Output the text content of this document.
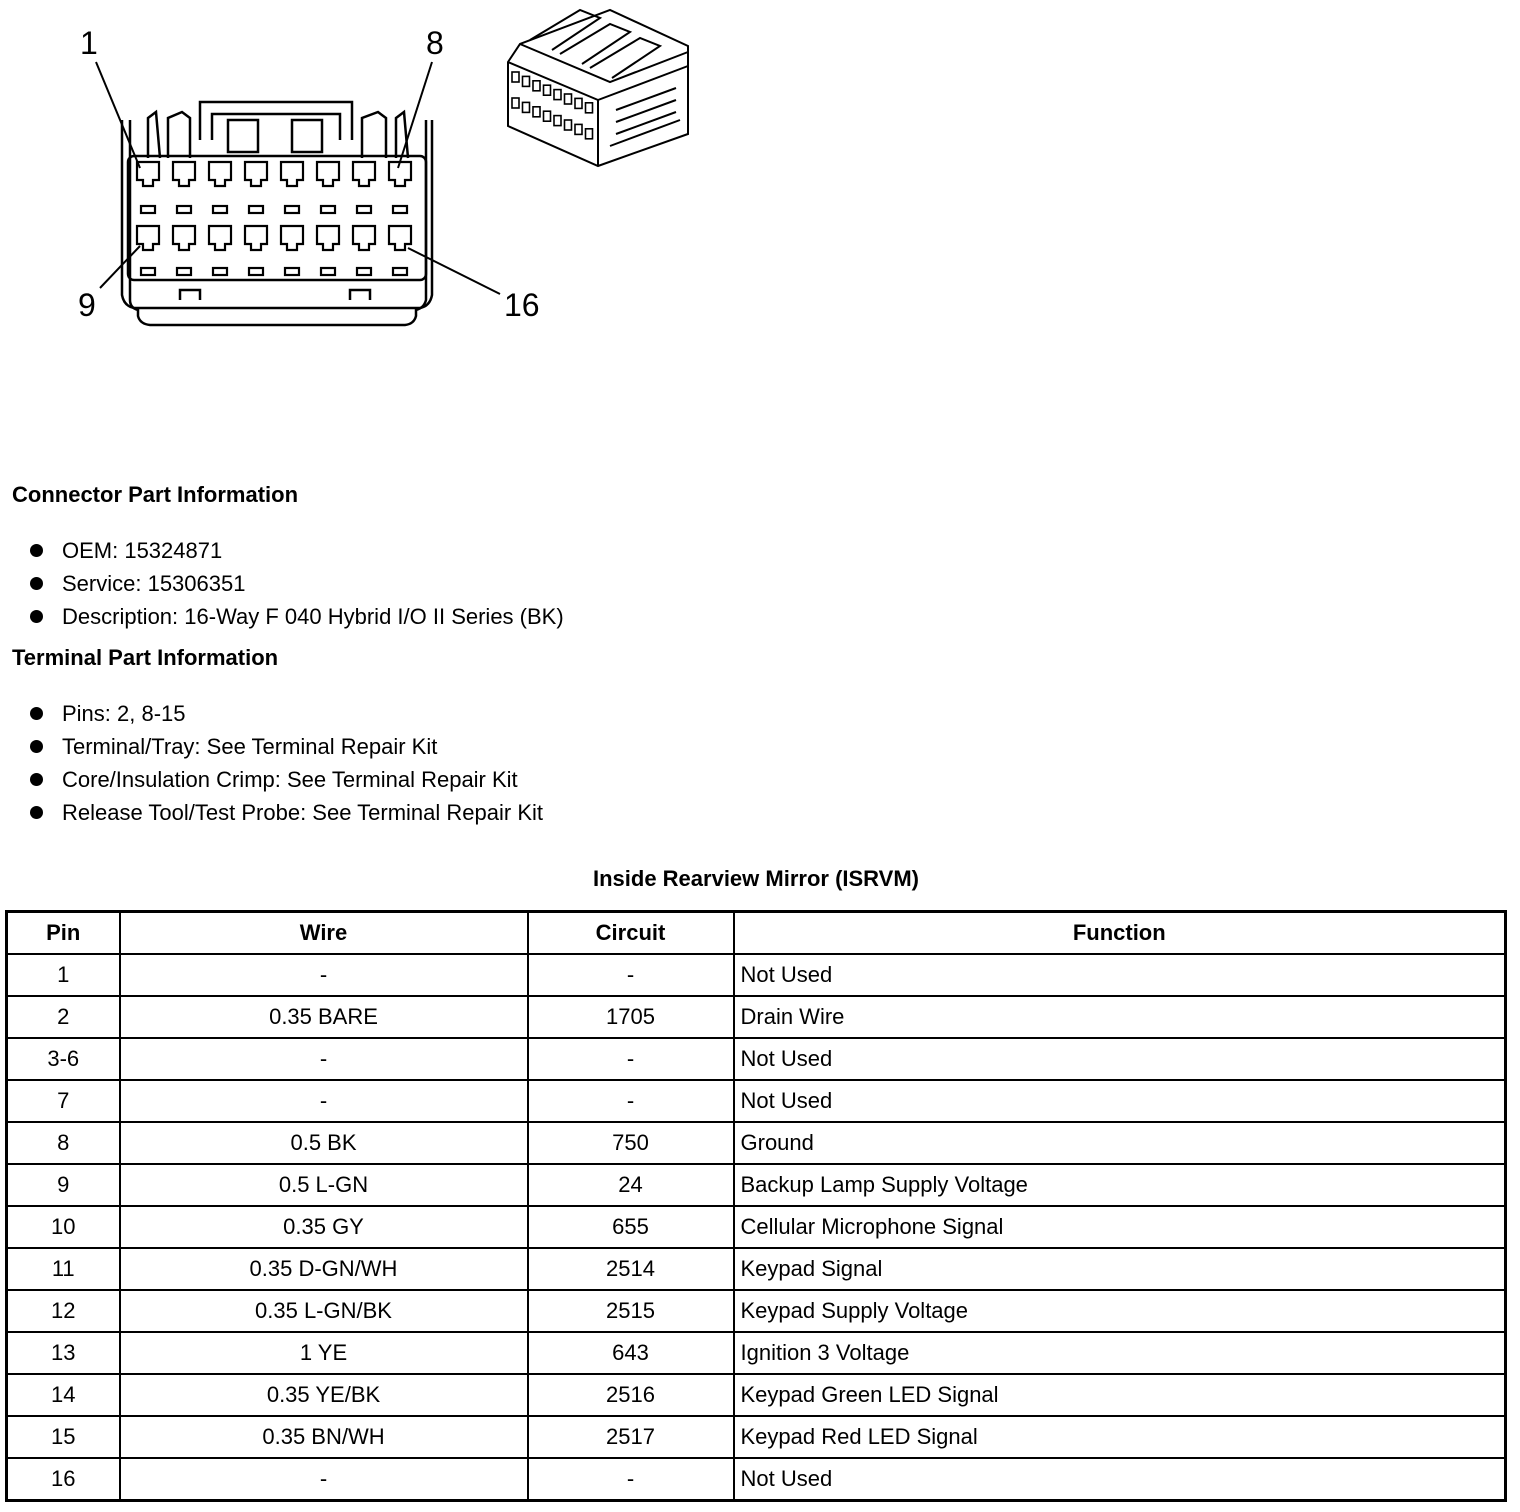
1	8
9	16
Connector Part Information
OEM: 15324871
Service: 15306351
Description: 16-Way F 040 Hybrid I/O II Series (BK)
Terminal Part Information
Pins: 2, 8-15
Terminal/Tray: See Terminal Repair Kit
Core/Insulation Crimp: See Terminal Repair Kit
Release Tool/Test Probe: See Terminal Repair Kit
Inside Rearview Mirror (ISRVM)
Pin	Wire	Circuit	Function
1	-	-	Not Used
2	0.35 BARE	1705	Drain Wire
3-6	-	-	Not Used
7	-	-	Not Used
8	0.5 BK	750	Ground
9	0.5 L-GN	24	Backup Lamp Supply Voltage
10	0.35 GY	655	Cellular Microphone Signal
11	0.35 D-GN/WH	2514	Keypad Signal
12	0.35 L-GN/BK	2515	Keypad Supply Voltage
13	1 YE	643	Ignition 3 Voltage
14	0.35 YE/BK	2516	Keypad Green LED Signal
15	0.35 BN/WH	2517	Keypad Red LED Signal
16	-	-	Not Used
